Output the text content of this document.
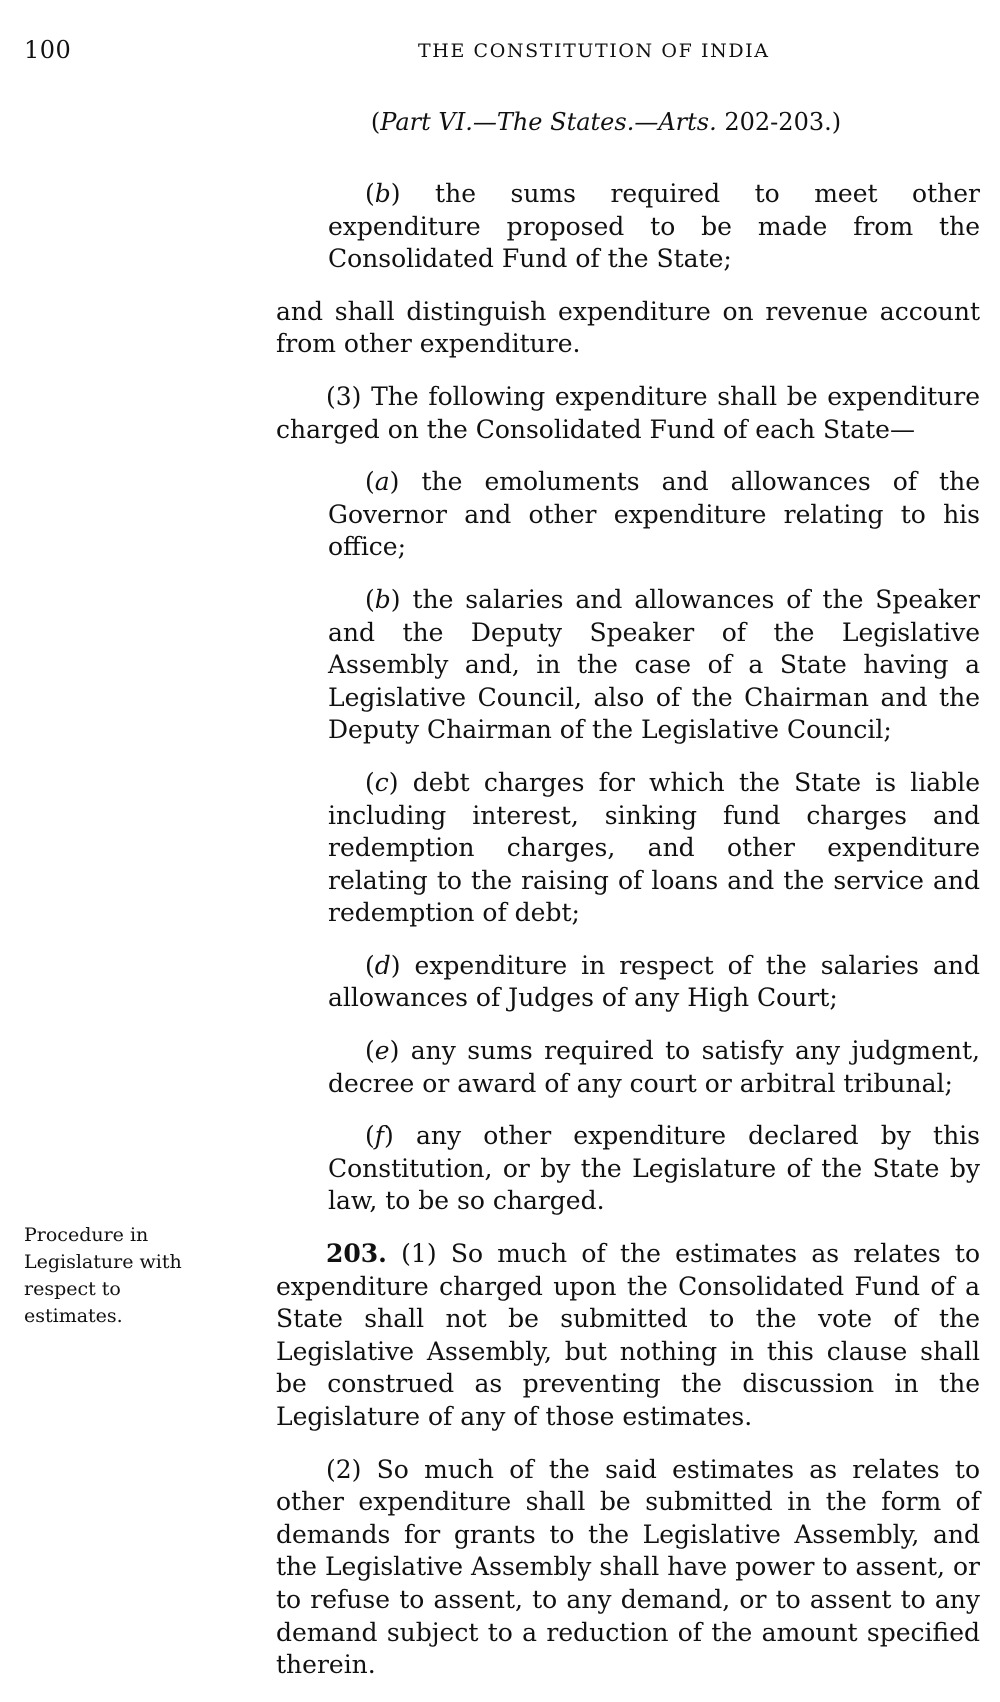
100	THE CONSTITUTION OF INDIA
(Part VI.—The States.—Arts. 202-203.)

(b) the sums required to meet other expenditure proposed to be made from the Consolidated Fund of the State;

and shall distinguish expenditure on revenue account from other expenditure.

(3) The following expenditure shall be expenditure charged on the Consolidated Fund of each State—

(a) the emoluments and allowances of the Governor and other expenditure relating to his office;

(b) the salaries and allowances of the Speaker and the Deputy Speaker of the Legislative Assembly and, in the case of a State having a Legislative Council, also of the Chairman and the Deputy Chairman of the Legislative Council;

(c) debt charges for which the State is liable including interest, sinking fund charges and redemption charges, and other expenditure relating to the raising of loans and the service and redemption of debt;

(d) expenditure in respect of the salaries and allowances of Judges of any High Court;

(e) any sums required to satisfy any judgment, decree or award of any court or arbitral tribunal;

(f) any other expenditure declared by this Constitution, or by the Legislature of the State by law, to be so charged.

203. (1) So much of the estimates as relates to expenditure charged upon the Consolidated Fund of a State shall not be submitted to the vote of the Legislative Assembly, but nothing in this clause shall be construed as preventing the discussion in the Legislature of any of those estimates.

(2) So much of the said estimates as relates to other expenditure shall be submitted in the form of demands for grants to the Legislative Assembly, and the Legislative Assembly shall have power to assent, or to refuse to assent, to any demand, or to assent to any demand subject to a reduction of the amount specified therein.

Procedure in
Legislature with
respect to
estimates.
